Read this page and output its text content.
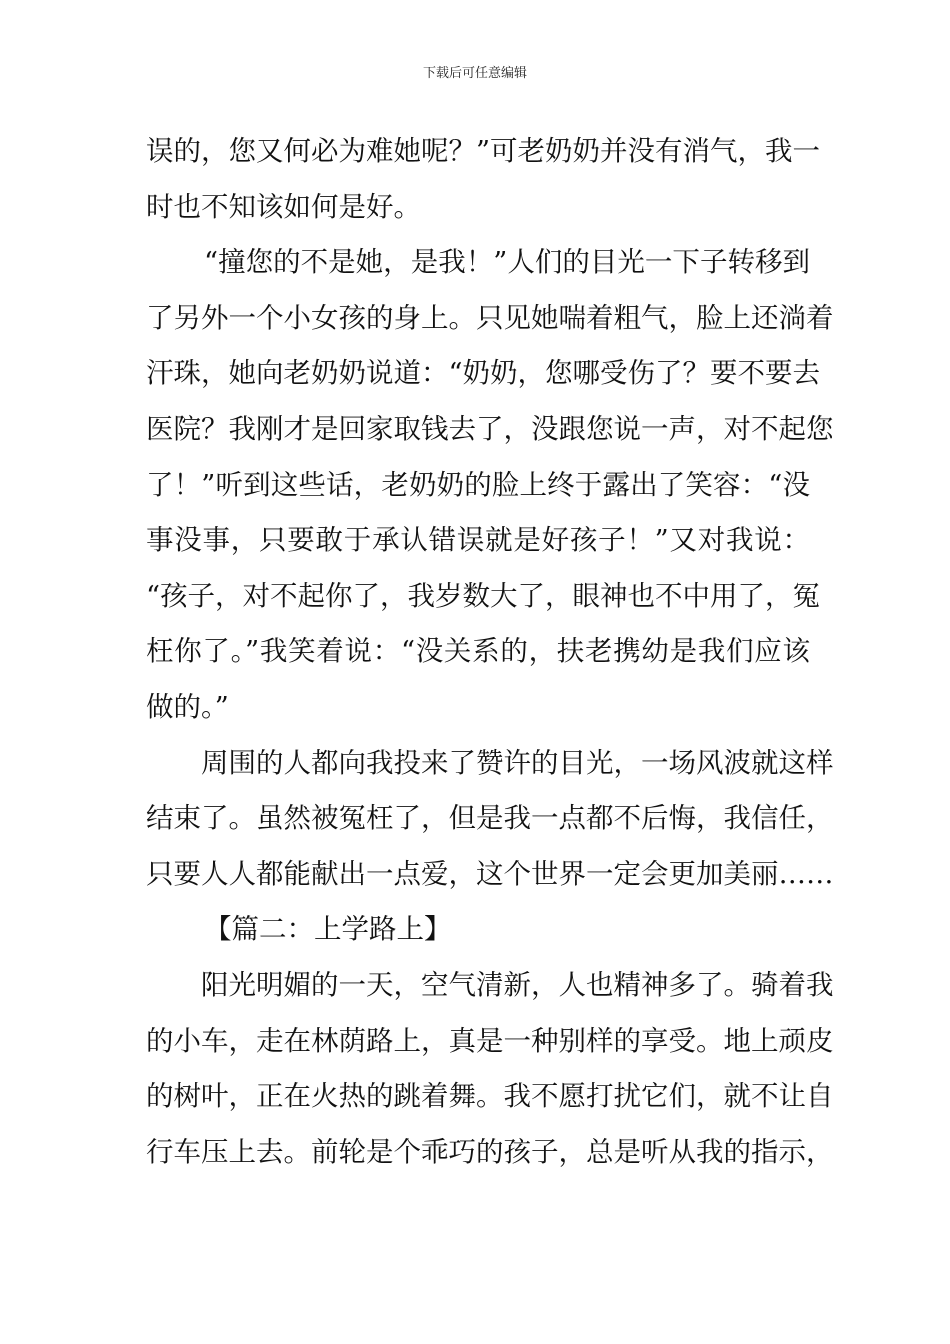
下载后可任意编辑
误的，您又何必为难她呢？”可老奶奶并没有消气，我一
时也不知该如何是好。
“撞您的不是她，是我！”人们的目光一下子转移到
了另外一个小女孩的身上。只见她喘着粗气，脸上还淌着
汗珠，她向老奶奶说道：“奶奶，您哪受伤了？要不要去
医院？我刚才是回家取钱去了，没跟您说一声，对不起您
了！”听到这些话，老奶奶的脸上终于露出了笑容：“没
事没事，只要敢于承认错误就是好孩子！”又对我说：
“孩子，对不起你了，我岁数大了，眼神也不中用了，冤
枉你了。”我笑着说：“没关系的，扶老携幼是我们应该
做的。”
周围的人都向我投来了赞许的目光，一场风波就这样
结束了。虽然被冤枉了，但是我一点都不后悔，我信任，
只要人人都能献出一点爱，这个世界一定会更加美丽……
【篇二：上学路上】
阳光明媚的一天，空气清新，人也精神多了。骑着我
的小车，走在林荫路上，真是一种别样的享受。地上顽皮
的树叶，正在火热的跳着舞。我不愿打扰它们，就不让自
行车压上去。前轮是个乖巧的孩子，总是听从我的指示，
